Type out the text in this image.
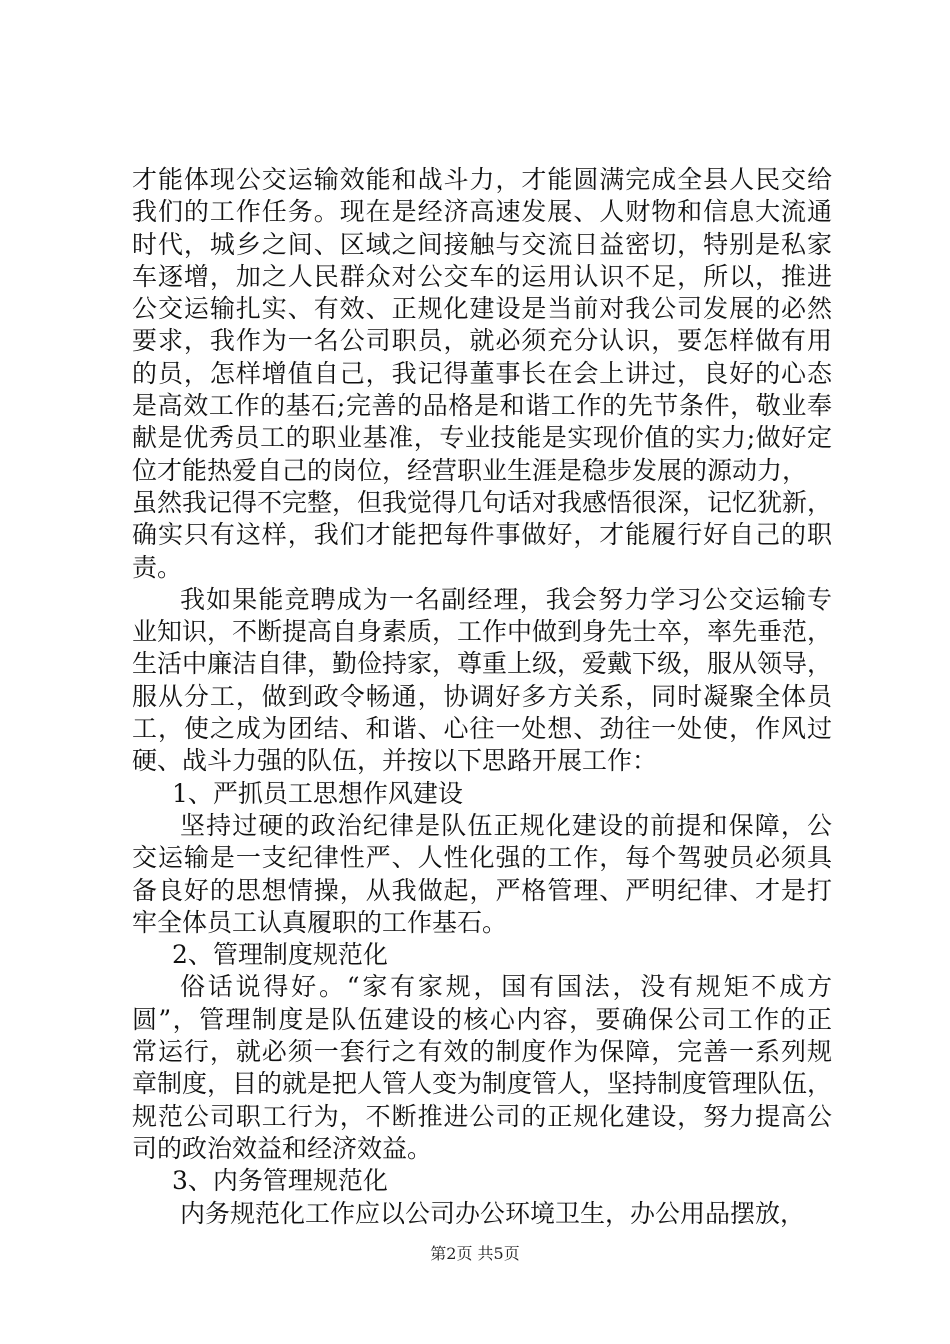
才能体现公交运输效能和战斗力，才能圆满完成全县人民交给
我们的工作任务。现在是经济高速发展、人财物和信息大流通
时代，城乡之间、区域之间接触与交流日益密切，特别是私家
车逐增，加之人民群众对公交车的运用认识不足，所以，推进
公交运输扎实、有效、正规化建设是当前对我公司发展的必然
要求，我作为一名公司职员，就必须充分认识，要怎样做有用
的员，怎样增值自己，我记得董事长在会上讲过，良好的心态
是高效工作的基石;完善的品格是和谐工作的先节条件，敬业奉
献是优秀员工的职业基准，专业技能是实现价值的实力;做好定
位才能热爱自己的岗位，经营职业生涯是稳步发展的源动力，
虽然我记得不完整，但我觉得几句话对我感悟很深，记忆犹新，
确实只有这样，我们才能把每件事做好，才能履行好自己的职
责。
我如果能竞聘成为一名副经理，我会努力学习公交运输专
业知识，不断提高自身素质，工作中做到身先士卒，率先垂范，
生活中廉洁自律，勤俭持家，尊重上级，爱戴下级，服从领导，
服从分工，做到政令畅通，协调好多方关系，同时凝聚全体员
工，使之成为团结、和谐、心往一处想、劲往一处使，作风过
硬、战斗力强的队伍，并按以下思路开展工作：
1、严抓员工思想作风建设
坚持过硬的政治纪律是队伍正规化建设的前提和保障，公
交运输是一支纪律性严、人性化强的工作，每个驾驶员必须具
备良好的思想情操，从我做起，严格管理、严明纪律、才是打
牢全体员工认真履职的工作基石。
2、管理制度规范化
俗话说得好。“家有家规，国有国法，没有规矩不成方
圆”，管理制度是队伍建设的核心内容，要确保公司工作的正
常运行，就必须一套行之有效的制度作为保障，完善一系列规
章制度，目的就是把人管人变为制度管人，坚持制度管理队伍，
规范公司职工行为，不断推进公司的正规化建设，努力提高公
司的政治效益和经济效益。
3、内务管理规范化
内务规范化工作应以公司办公环境卫生，办公用品摆放，
第2页 共5页
